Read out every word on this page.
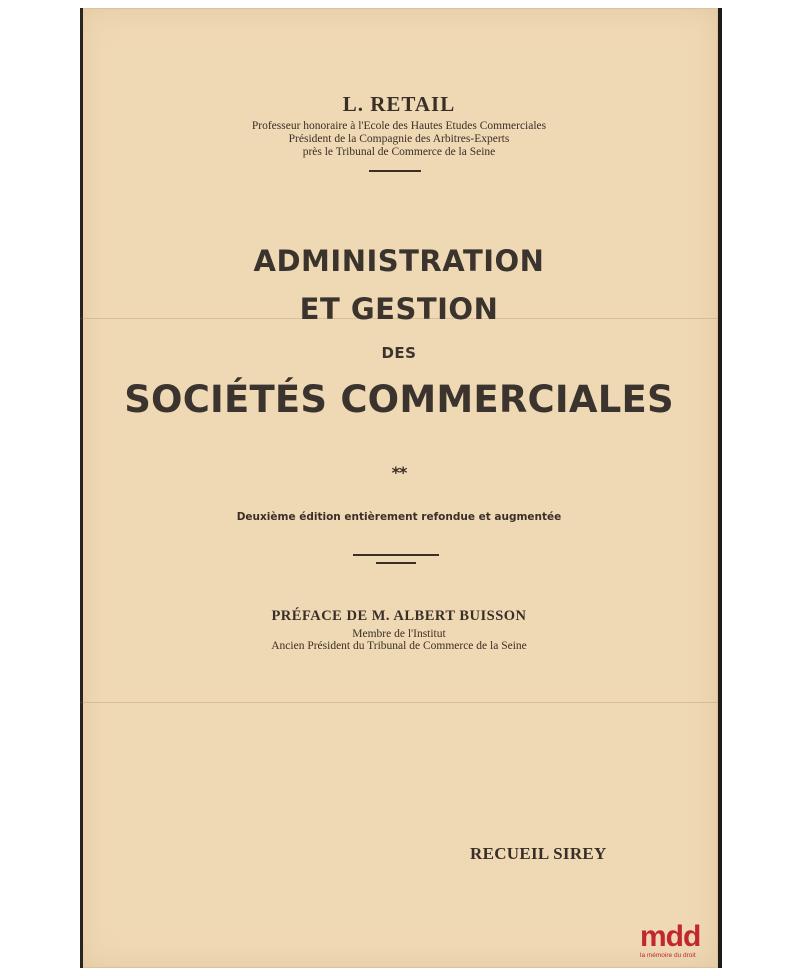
L. RETAIL
Professeur honoraire à l'Ecole des Hautes Etudes Commerciales
Président de la Compagnie des Arbitres-Experts
près le Tribunal de Commerce de la Seine
ADMINISTRATION
ET GESTION
DES
SOCIÉTÉS COMMERCIALES
**
Deuxième édition entièrement refondue et augmentée
PRÉFACE DE M. ALBERT BUISSON
Membre de l'Institut
Ancien Président du Tribunal de Commerce de la Seine
RECUEIL SIREY
mdd
la mémoire du droit
